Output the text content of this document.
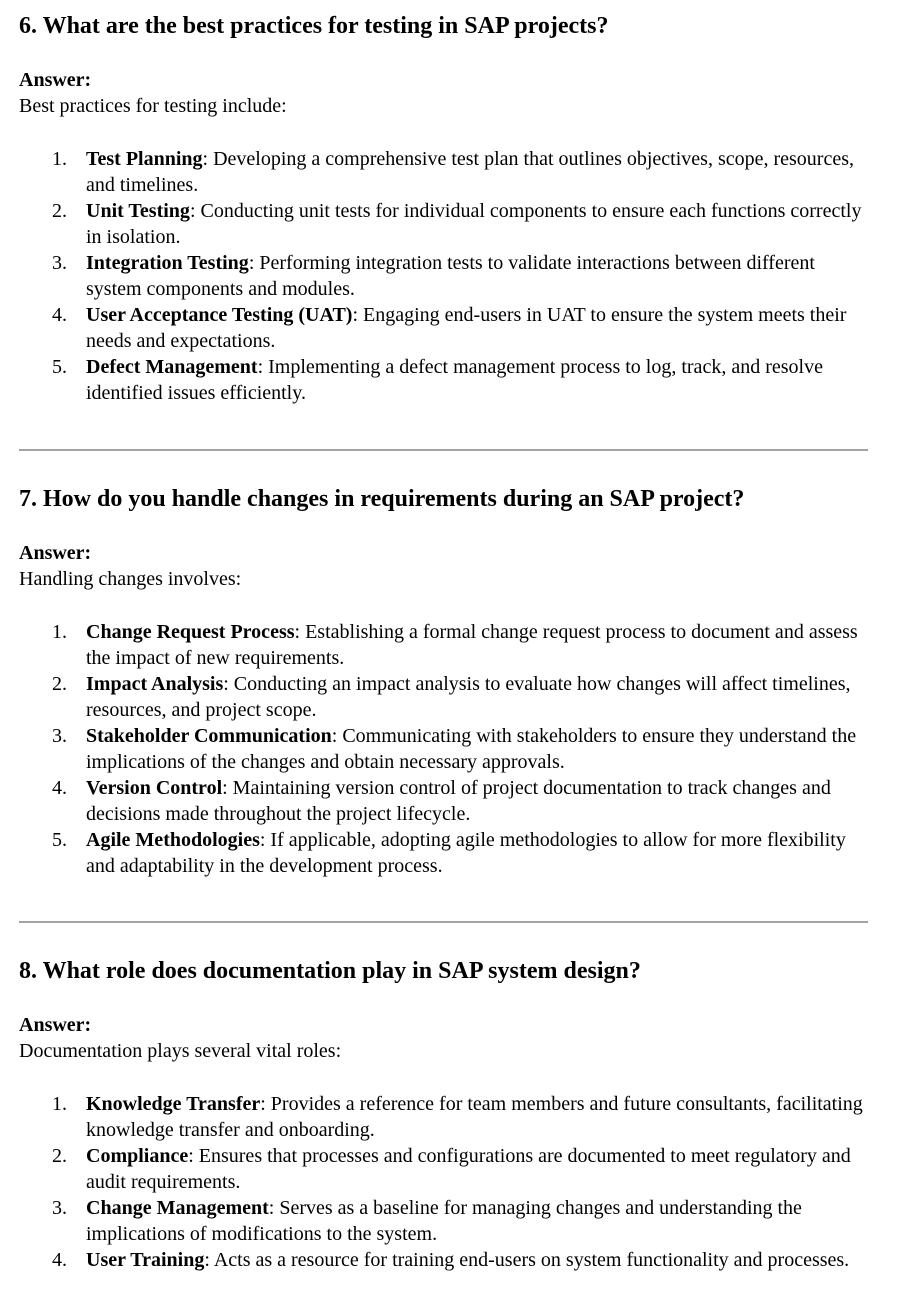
6. What are the best practices for testing in SAP projects?
Answer:
Best practices for testing include:
1. Test Planning: Developing a comprehensive test plan that outlines objectives, scope, resources, and timelines.
2. Unit Testing: Conducting unit tests for individual components to ensure each functions correctly in isolation.
3. Integration Testing: Performing integration tests to validate interactions between different system components and modules.
4. User Acceptance Testing (UAT): Engaging end-users in UAT to ensure the system meets their needs and expectations.
5. Defect Management: Implementing a defect management process to log, track, and resolve identified issues efficiently.
7. How do you handle changes in requirements during an SAP project?
Answer:
Handling changes involves:
1. Change Request Process: Establishing a formal change request process to document and assess the impact of new requirements.
2. Impact Analysis: Conducting an impact analysis to evaluate how changes will affect timelines, resources, and project scope.
3. Stakeholder Communication: Communicating with stakeholders to ensure they understand the implications of the changes and obtain necessary approvals.
4. Version Control: Maintaining version control of project documentation to track changes and decisions made throughout the project lifecycle.
5. Agile Methodologies: If applicable, adopting agile methodologies to allow for more flexibility and adaptability in the development process.
8. What role does documentation play in SAP system design?
Answer:
Documentation plays several vital roles:
1. Knowledge Transfer: Provides a reference for team members and future consultants, facilitating knowledge transfer and onboarding.
2. Compliance: Ensures that processes and configurations are documented to meet regulatory and audit requirements.
3. Change Management: Serves as a baseline for managing changes and understanding the implications of modifications to the system.
4. User Training: Acts as a resource for training end-users on system functionality and processes.
